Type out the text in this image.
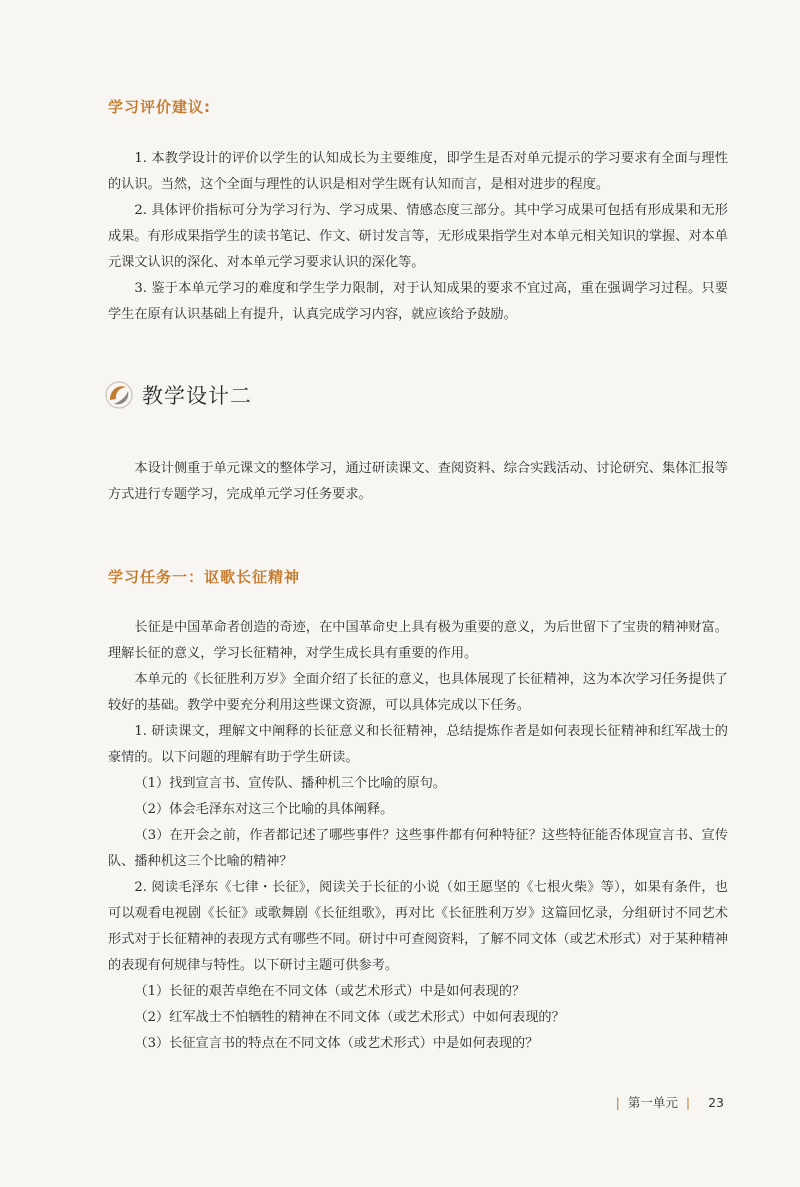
学习评价建议:

1. 本教学设计的评价以学生的认知成长为主要维度，即学生是否对单元提示的学习要求有全面与理性的认识。当然，这个全面与理性的认识是相对学生既有认知而言，是相对进步的程度。

2. 具体评价指标可分为学习行为、学习成果、情感态度三部分。其中学习成果可包括有形成果和无形成果。有形成果指学生的读书笔记、作文、研讨发言等，无形成果指学生对本单元相关知识的掌握、对本单元课文认识的深化、对本单元学习要求认识的深化等。

3. 鉴于本单元学习的难度和学生学力限制，对于认知成果的要求不宜过高，重在强调学习过程。只要学生在原有认识基础上有提升，认真完成学习内容，就应该给予鼓励。

教学设计二

本设计侧重于单元课文的整体学习，通过研读课文、查阅资料、综合实践活动、讨论研究、集体汇报等方式进行专题学习，完成单元学习任务要求。

学习任务一：讴歌长征精神

长征是中国革命者创造的奇迹，在中国革命史上具有极为重要的意义，为后世留下了宝贵的精神财富。理解长征的意义，学习长征精神，对学生成长具有重要的作用。

本单元的《长征胜利万岁》全面介绍了长征的意义，也具体展现了长征精神，这为本次学习任务提供了较好的基础。教学中要充分利用这些课文资源，可以具体完成以下任务。

1. 研读课文，理解文中阐释的长征意义和长征精神，总结提炼作者是如何表现长征精神和红军战士的豪情的。以下问题的理解有助于学生研读。

（1）找到宣言书、宣传队、播种机三个比喻的原句。

（2）体会毛泽东对这三个比喻的具体阐释。

（3）在开会之前，作者都记述了哪些事件？这些事件都有何种特征？这些特征能否体现宣言书、宣传队、播种机这三个比喻的精神？

2. 阅读毛泽东《七律・长征》，阅读关于长征的小说（如王愿坚的《七根火柴》等），如果有条件，也可以观看电视剧《长征》或歌舞剧《长征组歌》，再对比《长征胜利万岁》这篇回忆录，分组研讨不同艺术形式对于长征精神的表现方式有哪些不同。研讨中可查阅资料，了解不同文体（或艺术形式）对于某种精神的表现有何规律与特性。以下研讨主题可供参考。

（1）长征的艰苦卓绝在不同文体（或艺术形式）中是如何表现的？

（2）红军战士不怕牺牲的精神在不同文体（或艺术形式）中如何表现的？

（3）长征宣言书的特点在不同文体（或艺术形式）中是如何表现的？

| 第一单元 | 23
